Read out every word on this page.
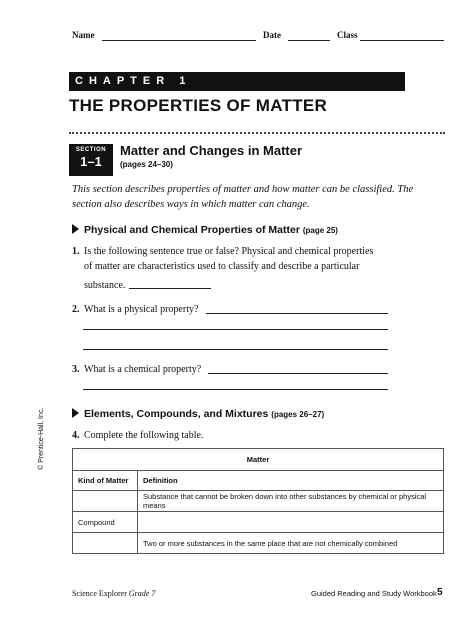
Name	Date	Class
CHAPTER 1
THE PROPERTIES OF MATTER
SECTION
1–1
Matter and Changes in Matter
(pages 24–30)
This section describes properties of matter and how matter can be classified. The section also describes ways in which matter can change.
Physical and Chemical Properties of Matter (page 25)
1. Is the following sentence true or false? Physical and chemical properties
of matter are characteristics used to classify and describe a particular
substance.
2. What is a physical property?
3. What is a chemical property?
Elements, Compounds, and Mixtures (pages 26–27)
4. Complete the following table.
Matter	
Kind of Matter	Definition
	Substance that cannot be broken down into other substances by chemical or physical means
Compound	
	Two or more substances in the same place that are not chemically combined
© Prentice-Hall, Inc.
Science Explorer Grade 7	Guided Reading and Study Workbook 5
